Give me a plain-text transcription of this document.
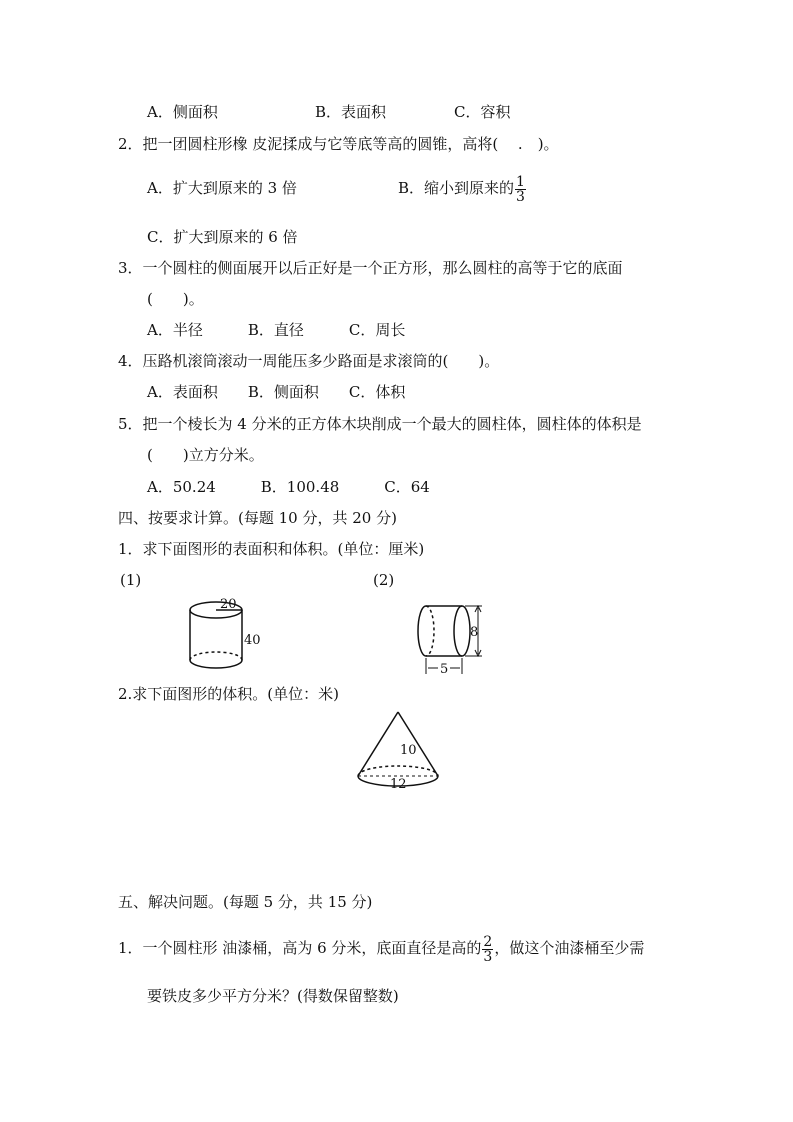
A．侧面积	B．表面积	C．容积
2．把一团圆柱形橡 皮泥揉成与它等底等高的圆锥，高将(　 .　)。
A．扩大到原来的 3 倍	B．缩小到原来的 $\frac{1}{3}$
C．扩大到原来的 6 倍
3．一个圆柱的侧面展开以后正好是一个正方形，那么圆柱的高等于它的底面
(　　)。
A．半径　　　B．直径　　　C．周长
4．压路机滚筒滚动一周能压多少路面是求滚筒的(　　)。
A．表面积　　B．侧面积　　C．体积
5．把一个棱长为 4 分米的正方体木块削成一个最大的圆柱体，圆柱体的体积是
(　　)立方分米。
A．50.24　　　B．100.48　　　C．64
四、按要求计算。(每题 10 分，共 20 分)
1．求下面图形的表面积和体积。(单位：厘米)
(1)	(2)
20
40
8
5
2.求下面图形的体积。(单位：米)
10
12
五、解决问题。(每题 5 分，共 15 分)
1．一个圆柱形 油漆桶，高为 6 分米，底面直径是高的 $\frac{2}{3}$ ，做这个油漆桶至少需
要铁皮多少平方分米？(得数保留整数)
